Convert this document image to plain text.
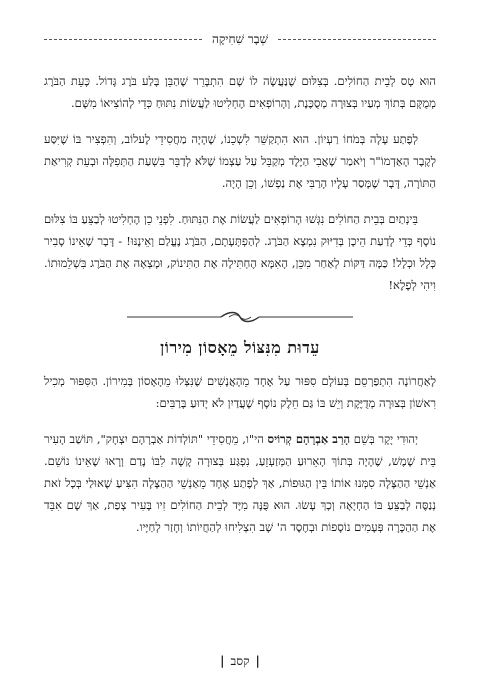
שְׁבָר שִׁחִיקָה

הוּא טָס לְבֵית הַחוֹלִים. בְּצִלּוּם שֶׁנַּעֲשָׂה לוֹ שָׁם הִתְבָּרֵר שֶׁהַבֵּן בָּלַע בֹּרֶג גָּדוֹל. כָּעֵת הַבֹּרֶג מְמֻקָּם בְּתוֹךְ מְעַיו בְּצוּרָה מְסֻכֶּנֶת, וְהָרוֹפְאִים הֶחְלִיטוּ לַעֲשׂוֹת נִתּוּחַ כְּדֵי לְהוֹצִיאוֹ מִשָּׁם.

לְפֶתַע עָלָה בְּמֹחוֹ רַעְיוֹן. הוּא הִתְקַשֵּׁר לִשְׁכֵנוֹ, שֶׁהָיָה מַחֲסִידֵי לֶעלוֹב, וְהִפְצִיר בּוֹ שֶׁיִּסַּע לְקֶבֶר הָאַדְמוֹ"ר וְיֹאמַר שֶׁאֲבִי הַיֶּלֶד מְקַבֵּל עַל עַצְמוֹ שֶׁלֹּא לְדַבֵּר בִּשְׁעַת הַתְּפִלָּה וּבְעֵת קְרִיאַת הַתּוֹרָה, דָּבָר שֶׁמָּסַר עָלָיו הָרַבִּי אֶת נַפְשׁוֹ, וְכֵן הָיָה.

בֵּינְתַיִם בְּבֵית הַחוֹלִים נִגְּשׁוּ הָרוֹפְאִים לַעֲשׂוֹת אֶת הַנִּתּוּחַ. לִפְנֵי כֵן הֶחְלִיטוּ לְבַצֵּעַ בּוֹ צִלּוּם נוֹסָף כְּדֵי לָדַעַת הֵיכָן בְּדִיּוּק נִמְצָא הַבֹּרֶג. לְהַפְתָּעָתָם, הַבֹּרֶג נֶעֱלַם וְאֵינֶנּוּ! - דָּבָר שֶׁאֵינוֹ סָבִיר כְּלָל וּכְלָל! כַּמָּה דַּקּוֹת לְאַחַר מִכֵּן, הָאִמָּא הֶחְתִּילָה אֶת הַתִּינוֹק, וּמָצְאָה אֶת הַבֹּרֶג בִּשְׁלֵמוּתוֹ. וִיהִי לְפֶלֶא!

עֵדוּת מִנִּצּוֹל מֵאָסוֹן מִירוֹן

לָאַחֲרוֹנָה הִתְפַּרְסֵם בְּעוֹלָם סִפּוּר עַל אֶחָד מֵהָאֲנָשִׁים שֶׁנִּצְּלוּ מֵהָאָסוֹן בְּמִירוֹן. הַסִּפּוּר מְכִיל רִאשׁוֹן בְּצוּרָה מְדֻיֶּקֶת וְיֵשׁ בּוֹ גַּם חֵלֶק נוֹסָף שֶׁעֲדַיִן לֹא יָדוּעַ בָּרַבִּים:

יְהוּדִי יָקָר בְּשֵׁם הָרַב אַבְרָהָם קְרוֹיס הי"ו, מֵחֲסִידֵי "תּוֹלְדוֹת אַבְרָהָם יִצְחָק", תּוֹשַׁב הָעִיר בֵּית שֶׁמֶשׁ, שֶׁהָיָה בְּתוֹךְ הָאֵרוּעַ הַמְּזַעְזֵעַ, נִפְגַּע בְּצוּרָה קָשָׁה לִבּוֹ נָדַם וְרָאוּ שֶׁאֵינוֹ נוֹשֵׁם. אַנְשֵׁי הַהַצָּלָה סִמְּנוּ אוֹתוֹ בֵּין הַגּוּפוֹת, אַךְ לְפֶתַע אֶחָד מֵאַנְשֵׁי הַהַצָּלָה הִצִּיעַ שֶׁאוּלַי בְּכָל זֹאת נְנַסֶּה לְבַצֵּעַ בּוֹ הַחְיָאָה וְכָךְ עָשׂוּ. הוּא פֻּנָּה מִיָּד לְבֵית הַחוֹלִים זִיו בָּעִיר צְפַת, אַךְ שָׁם אִבֵּד אֶת הַהַכָּרָה פְּעָמִים נוֹסָפוֹת וּבְחֶסֶד ה' שָׁב הִצְלִיחוּ לְהַחֲיוֹתוֹ וְחָזַר לְחַיָּיו.

|קסב|
